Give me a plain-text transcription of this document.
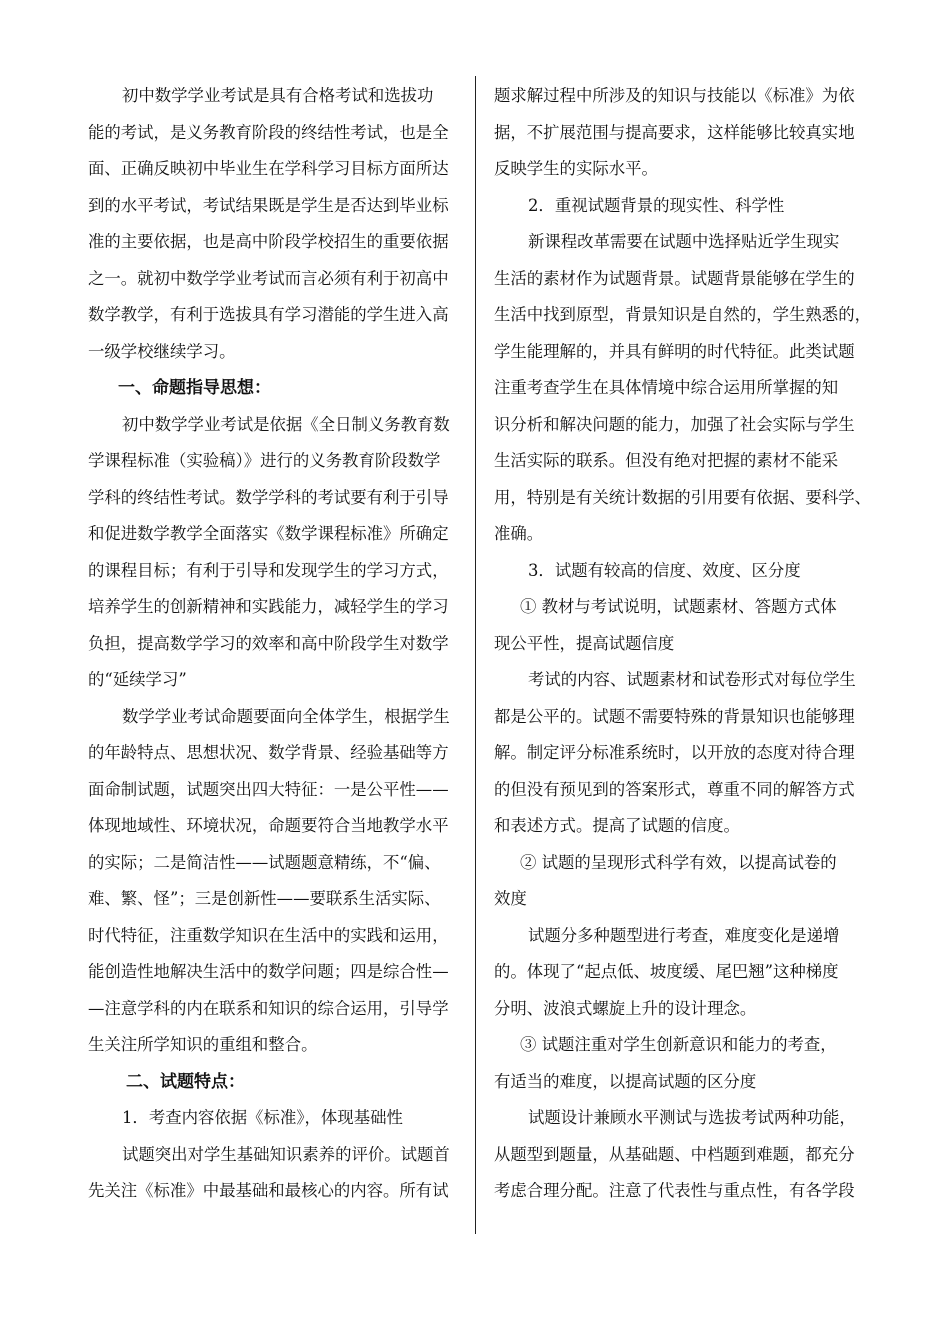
初中数学学业考试是具有合格考试和选拔功
能的考试，是义务教育阶段的终结性考试，也是全
面、正确反映初中毕业生在学科学习目标方面所达
到的水平考试，考试结果既是学生是否达到毕业标
准的主要依据，也是高中阶段学校招生的重要依据
之一。就初中数学学业考试而言必须有利于初高中
数学教学，有利于选拔具有学习潜能的学生进入高
一级学校继续学习。
一、命题指导思想：
初中数学学业考试是依据《全日制义务教育数
学课程标准（实验稿）》进行的义务教育阶段数学
学科的终结性考试。数学学科的考试要有利于引导
和促进数学教学全面落实《数学课程标准》所确定
的课程目标；有利于引导和发现学生的学习方式，
培养学生的创新精神和实践能力，减轻学生的学习
负担，提高数学学习的效率和高中阶段学生对数学
的“延续学习”
数学学业考试命题要面向全体学生，根据学生
的年龄特点、思想状况、数学背景、经验基础等方
面命制试题，试题突出四大特征：一是公平性——
体现地域性、环境状况，命题要符合当地教学水平
的实际；二是简洁性——试题题意精练，不“偏、
难、繁、怪”；三是创新性——要联系生活实际、
时代特征，注重数学知识在生活中的实践和运用，
能创造性地解决生活中的数学问题；四是综合性—
—注意学科的内在联系和知识的综合运用，引导学
生关注所学知识的重组和整合。
二、试题特点：
1．考查内容依据《标准》，体现基础性
试题突出对学生基础知识素养的评价。试题首
先关注《标准》中最基础和最核心的内容。所有试
题求解过程中所涉及的知识与技能以《标准》为依
据，不扩展范围与提高要求，这样能够比较真实地
反映学生的实际水平。
2．重视试题背景的现实性、科学性
新课程改革需要在试题中选择贴近学生现实
生活的素材作为试题背景。试题背景能够在学生的
生活中找到原型，背景知识是自然的，学生熟悉的，
学生能理解的，并具有鲜明的时代特征。此类试题
注重考查学生在具体情境中综合运用所掌握的知
识分析和解决问题的能力，加强了社会实际与学生
生活实际的联系。但没有绝对把握的素材不能采
用，特别是有关统计数据的引用要有依据、要科学、
准确。
3．试题有较高的信度、效度、区分度
① 教材与考试说明，试题素材、答题方式体
现公平性，提高试题信度
考试的内容、试题素材和试卷形式对每位学生
都是公平的。试题不需要特殊的背景知识也能够理
解。制定评分标准系统时，以开放的态度对待合理
的但没有预见到的答案形式，尊重不同的解答方式
和表述方式。提高了试题的信度。
② 试题的呈现形式科学有效，以提高试卷的
效度
试题分多种题型进行考查，难度变化是递增
的。体现了“起点低、坡度缓、尾巴翘”这种梯度
分明、波浪式螺旋上升的设计理念。
③ 试题注重对学生创新意识和能力的考查，
有适当的难度，以提高试题的区分度
试题设计兼顾水平测试与选拔考试两种功能，
从题型到题量，从基础题、中档题到难题，都充分
考虑合理分配。注意了代表性与重点性，有各学段
